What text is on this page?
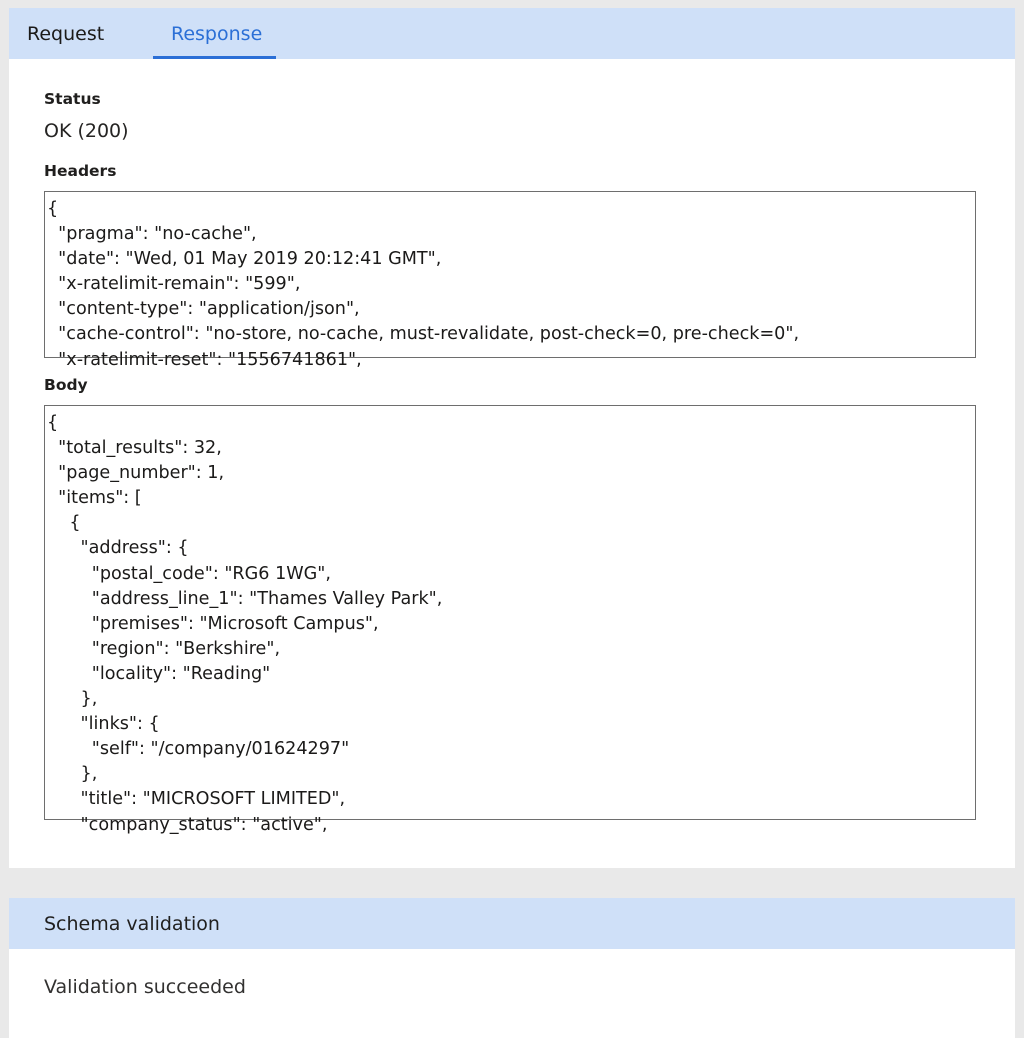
Request	Response
Status
OK (200)
Headers
{
"pragma": "no-cache",
"date": "Wed, 01 May 2019 20:12:41 GMT",
"x-ratelimit-remain": "599",
"content-type": "application/json",
"cache-control": "no-store, no-cache, must-revalidate, post-check=0, pre-check=0",
"x-ratelimit-reset": "1556741861",
Body
{
"total_results": 32,
"page_number": 1,
"items": [
{
"address": {
"postal_code": "RG6 1WG",
"address_line_1": "Thames Valley Park",
"premises": "Microsoft Campus",
"region": "Berkshire",
"locality": "Reading"
},
"links": {
"self": "/company/01624297"
},
"title": "MICROSOFT LIMITED",
"company_status": "active",
Schema validation
Validation succeeded
